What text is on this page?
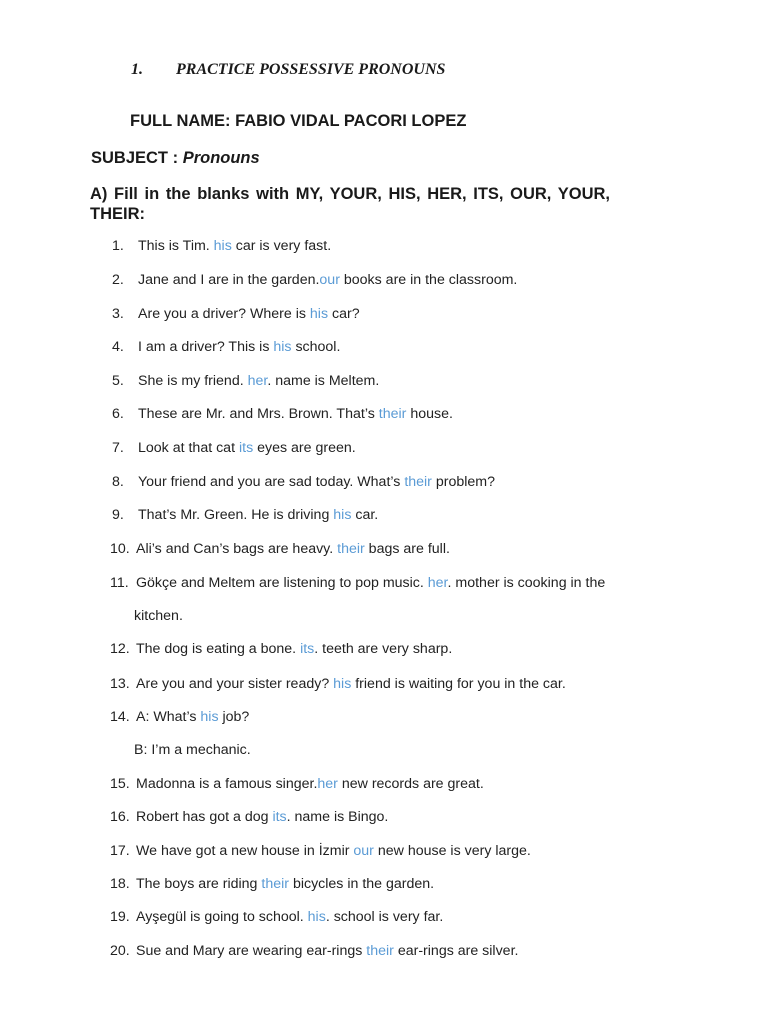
1. PRACTICE POSSESSIVE PRONOUNS
FULL NAME: FABIO VIDAL PACORI LOPEZ
SUBJECT : Pronouns
A) Fill in the blanks with MY, YOUR, HIS, HER, ITS, OUR, YOUR, THEIR:
1. This is Tim. his car is very fast.
2. Jane and I are in the garden.our books are in the classroom.
3. Are you a driver? Where is his car?
4. I am a driver? This is his school.
5. She is my friend. her. name is Meltem.
6. These are Mr. and Mrs. Brown. That’s their house.
7. Look at that cat its eyes are green.
8. Your friend and you are sad today. What’s their problem?
9. That’s Mr. Green. He is driving his car.
10. Ali’s and Can’s bags are heavy. their bags are full.
11. Gökçe and Meltem are listening to pop music. her. mother is cooking in the
kitchen.
12. The dog is eating a bone. its. teeth are very sharp.
13. Are you and your sister ready? his friend is waiting for you in the car.
14. A: What’s his job?
B: I’m a mechanic.
15. Madonna is a famous singer.her new records are great.
16. Robert has got a dog its. name is Bingo.
17. We have got a new house in İzmir our new house is very large.
18. The boys are riding their bicycles in the garden.
19. Ayşegül is going to school. his. school is very far.
20. Sue and Mary are wearing ear-rings their ear-rings are silver.
